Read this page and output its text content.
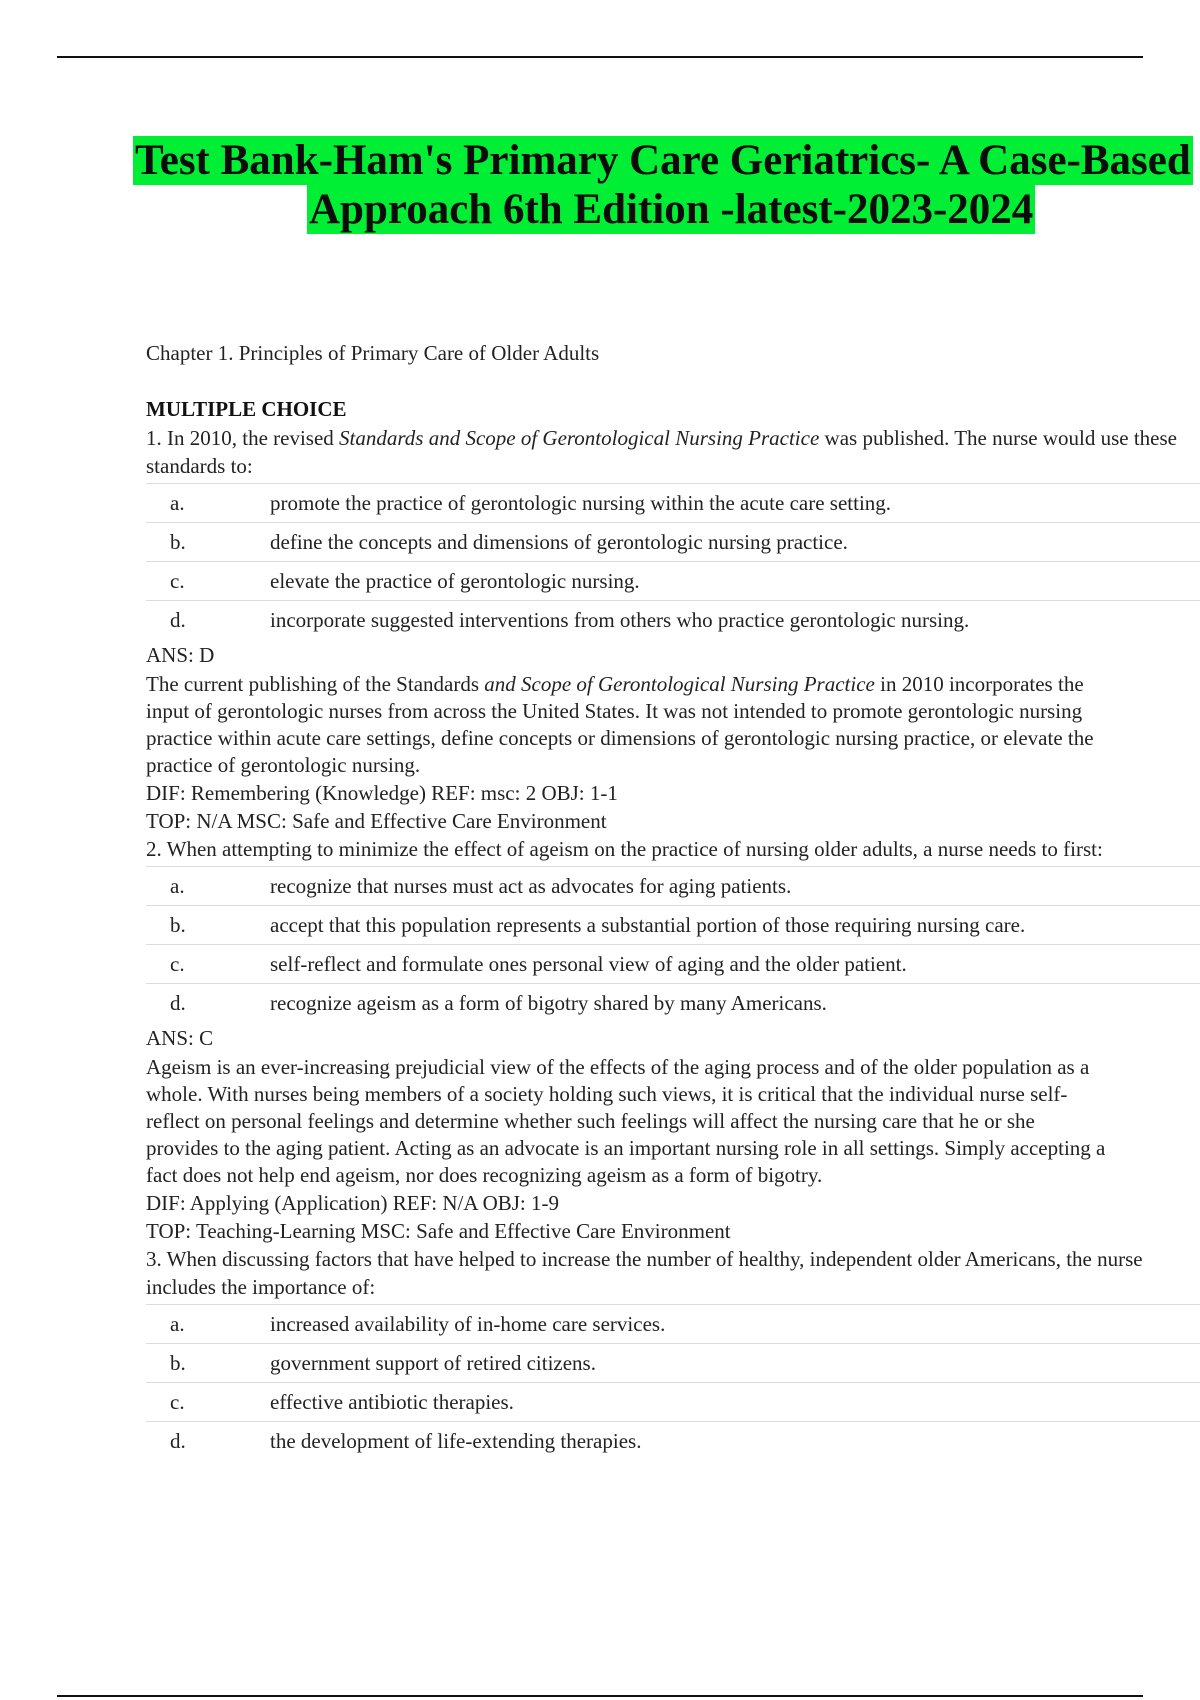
Test Bank-Ham's Primary Care Geriatrics- A Case-Based
Approach 6th Edition -latest-2023-2024

Chapter 1. Principles of Primary Care of Older Adults

MULTIPLE CHOICE

1. In 2010, the revised Standards and Scope of Gerontological Nursing Practice was published. The nurse would use these standards to:

a.	promote the practice of gerontologic nursing within the acute care setting.
b.	define the concepts and dimensions of gerontologic nursing practice.
c.	elevate the practice of gerontologic nursing.
d.	incorporate suggested interventions from others who practice gerontologic nursing.

ANS: D

The current publishing of the Standards and Scope of Gerontological Nursing Practice in 2010 incorporates the input of gerontologic nurses from across the United States. It was not intended to promote gerontologic nursing practice within acute care settings, define concepts or dimensions of gerontologic nursing practice, or elevate the practice of gerontologic nursing.

DIF: Remembering (Knowledge) REF: msc: 2 OBJ: 1-1

TOP: N/A MSC: Safe and Effective Care Environment

2. When attempting to minimize the effect of ageism on the practice of nursing older adults, a nurse needs to first:

a.	recognize that nurses must act as advocates for aging patients.
b.	accept that this population represents a substantial portion of those requiring nursing care.
c.	self-reflect and formulate ones personal view of aging and the older patient.
d.	recognize ageism as a form of bigotry shared by many Americans.

ANS: C

Ageism is an ever-increasing prejudicial view of the effects of the aging process and of the older population as a whole. With nurses being members of a society holding such views, it is critical that the individual nurse self-reflect on personal feelings and determine whether such feelings will affect the nursing care that he or she provides to the aging patient. Acting as an advocate is an important nursing role in all settings. Simply accepting a fact does not help end ageism, nor does recognizing ageism as a form of bigotry.

DIF: Applying (Application) REF: N/A OBJ: 1-9

TOP: Teaching-Learning MSC: Safe and Effective Care Environment

3. When discussing factors that have helped to increase the number of healthy, independent older Americans, the nurse includes the importance of:

a.	increased availability of in-home care services.
b.	government support of retired citizens.
c.	effective antibiotic therapies.
d.	the development of life-extending therapies.
